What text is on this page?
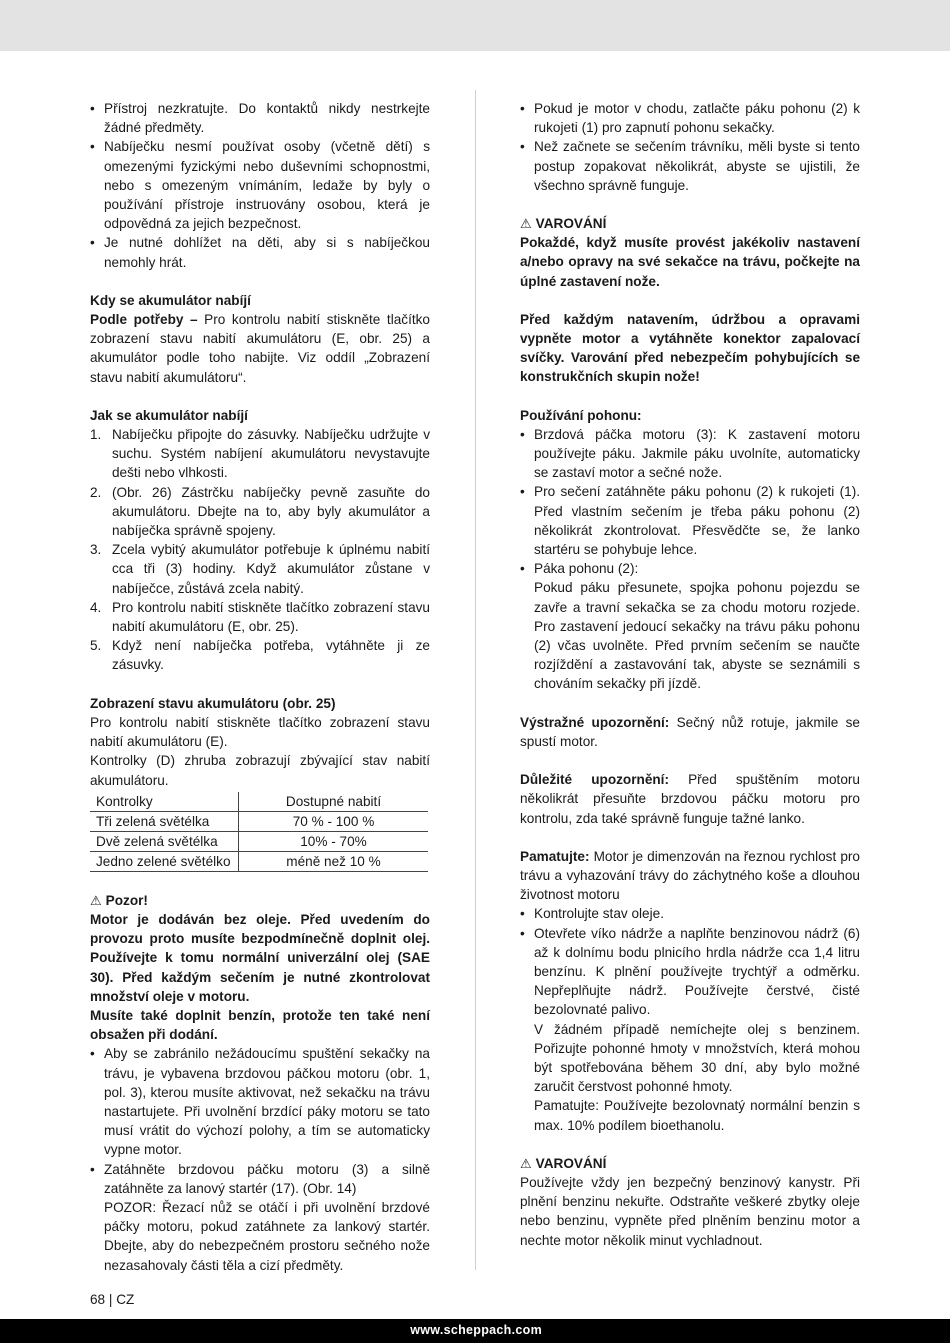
• Přístroj nezkratujte. Do kontaktů nikdy nestrkejte žádné předměty.
• Nabíječku nesmí používat osoby (včetně dětí) s omezenými fyzickými nebo duševními schopnostmi, nebo s omezeným vnímáním, ledaže by byly o používání přístroje instruovány osobou, která je odpovědná za jejich bezpečnost.
• Je nutné dohlížet na děti, aby si s nabíječkou nemohly hrát.

Kdy se akumulátor nabíjí

Podle potřeby – Pro kontrolu nabití stiskněte tlačítko zobrazení stavu nabití akumulátoru (E, obr. 25) a akumulátor podle toho nabijte. Viz oddíl „Zobrazení stavu nabití akumulátoru“.

Jak se akumulátor nabíjí

1. Nabíječku připojte do zásuvky. Nabíječku udržujte v suchu. Systém nabíjení akumulátoru nevystavujte dešti nebo vlhkosti.
2. (Obr. 26) Zástrčku nabíječky pevně zasuňte do akumulátoru. Dbejte na to, aby byly akumulátor a nabíječka správně spojeny.
3. Zcela vybitý akumulátor potřebuje k úplnému nabití cca tři (3) hodiny. Když akumulátor zůstane v nabíječce, zůstává zcela nabitý.
4. Pro kontrolu nabití stiskněte tlačítko zobrazení stavu nabití akumulátoru (E, obr. 25).
5. Když není nabíječka potřeba, vytáhněte ji ze zásuvky.

Zobrazení stavu akumulátoru (obr. 25)

Pro kontrolu nabití stiskněte tlačítko zobrazení stavu nabití akumulátoru (E).

Kontrolky (D) zhruba zobrazují zbývající stav nabití akumulátoru.

Kontrolky	Dostupné nabití
Tři zelená světélka	70 % - 100 %
Dvě zelená světélka	10% - 70%
Jedno zelené světélko	méně než 10 %

⚠ Pozor!

Motor je dodáván bez oleje. Před uvedením do provozu proto musíte bezpodmínečně doplnit olej. Používejte k tomu normální univerzální olej (SAE 30). Před každým sečením je nutné zkontrolovat množství oleje v motoru.

Musíte také doplnit benzín, protože ten také není obsažen při dodání.

• Aby se zabránilo nežádoucímu spuštění sekačky na trávu, je vybavena brzdovou páčkou motoru (obr. 1, pol. 3), kterou musíte aktivovat, než sekačku na trávu nastartujete. Při uvolnění brzdící páky motoru se tato musí vrátit do výchozí polohy, a tím se automaticky vypne motor.
• Zatáhněte brzdovou páčku motoru (3) a silně zatáhněte za lanový startér (17). (Obr. 14)
POZOR: Řezací nůž se otáčí i při uvolnění brzdové páčky motoru, pokud zatáhnete za lankový startér. Dbejte, aby do nebezpečném prostoru sečného nože nezasahovaly části těla a cizí předměty.
• Pokud je motor v chodu, zatlačte páku pohonu (2) k rukojeti (1) pro zapnutí pohonu sekačky.
• Než začnete se sečením trávníku, měli byste si tento postup zopakovat několikrát, abyste se ujistili, že všechno správně funguje.

⚠ VAROVÁNÍ

Pokaždé, když musíte provést jakékoliv nastavení a/nebo opravy na své sekačce na trávu, počkejte na úplné zastavení nože.

Před každým natavením, údržbou a opravami vypněte motor a vytáhněte konektor zapalovací svíčky. Varování před nebezpečím pohybujících se konstrukčních skupin nože!

Používání pohonu:

• Brzdová páčka motoru (3): K zastavení motoru používejte páku. Jakmile páku uvolníte, automaticky se zastaví motor a sečné nože.
• Pro sečení zatáhněte páku pohonu (2) k rukojeti (1). Před vlastním sečením je třeba páku pohonu (2) několikrát zkontrolovat. Přesvědčte se, že lanko startéru se pohybuje lehce.
• Páka pohonu (2):
Pokud páku přesunete, spojka pohonu pojezdu se zavře a travní sekačka se za chodu motoru rozjede. Pro zastavení jedoucí sekačky na trávu páku pohonu (2) včas uvolněte. Před prvním sečením se naučte rozjíždění a zastavování tak, abyste se seznámili s chováním sekačky při jízdě.

Výstražné upozornění: Sečný nůž rotuje, jakmile se spustí motor.

Důležité upozornění: Před spuštěním motoru několikrát přesuňte brzdovou páčku motoru pro kontrolu, zda také správně funguje tažné lanko.

Pamatujte: Motor je dimenzován na řeznou rychlost pro trávu a vyhazování trávy do záchytného koše a dlouhou životnost motoru

• Kontrolujte stav oleje.
• Otevřete víko nádrže a naplňte benzinovou nádrž (6) až k dolnímu bodu plnicího hrdla nádrže cca 1,4 litru benzínu. K plnění používejte trychtýř a odměrku. Nepřeplňujte nádrž. Používejte čerstvé, čisté bezolovnaté palivo.
V žádném případě nemíchejte olej s benzinem. Pořizujte pohonné hmoty v množstvích, která mohou být spotřebována během 30 dní, aby bylo možné zaručit čerstvost pohonné hmoty.
Pamatujte: Používejte bezolovnatý normální benzin s max. 10% podílem bioethanolu.

⚠ VAROVÁNÍ

Používejte vždy jen bezpečný benzinový kanystr. Při plnění benzinu nekuřte. Odstraňte veškeré zbytky oleje nebo benzinu, vypněte před plněním benzinu motor a nechte motor několik minut vychladnout.

68 | CZ
www.scheppach.com
